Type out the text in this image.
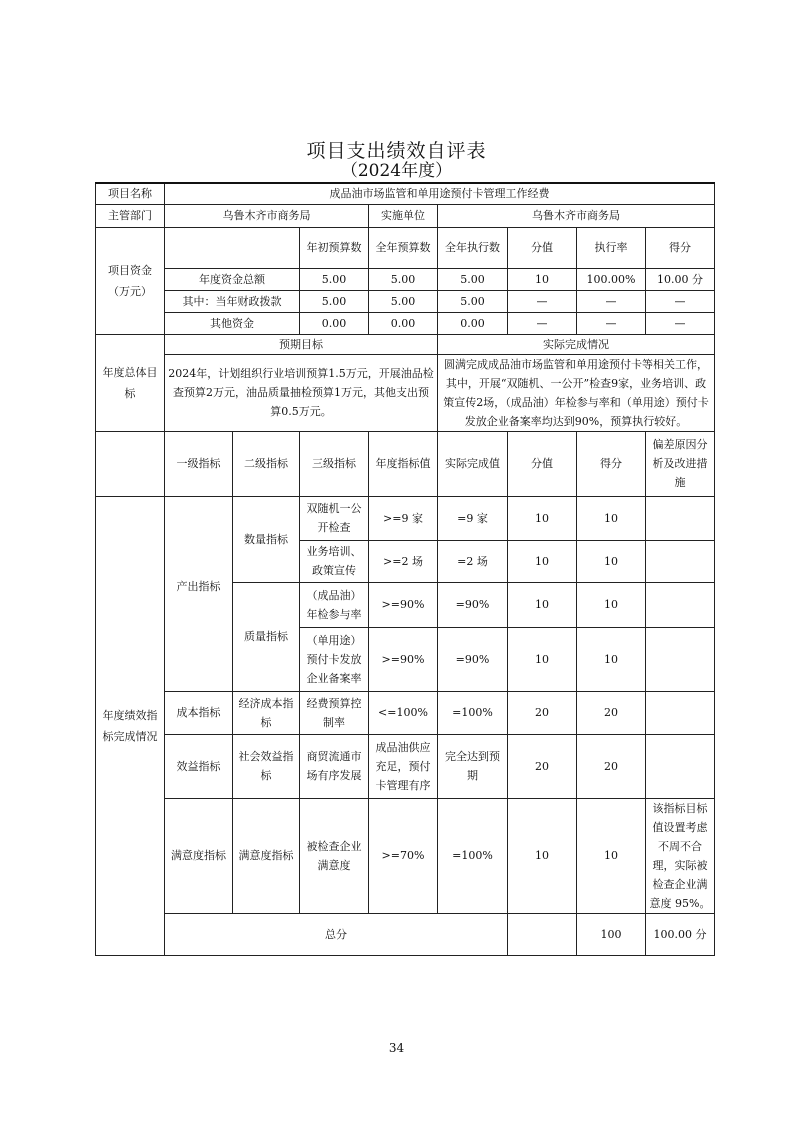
项目支出绩效自评表
（2024年度）
项目名称	成品油市场监管和单用途预付卡管理工作经费								
主管部门	乌鲁木齐市商务局			实施单位	乌鲁木齐市商务局				
项目资金（万元）			年初预算数	全年预算数	全年执行数	分值	执行率	得分	
	年度资金总额		5.00	5.00	5.00	10	100.00%	10.00 分	
	其中：当年财政拨款		5.00	5.00	5.00	—	—	—	
	其他资金		0.00	0.00	0.00	—	—	—	
年度总体目标	预期目标				实际完成情况				
	2024年，计划组织行业培训预算1.5万元，开展油品检查预算2万元，油品质量抽检预算1万元，其他支出预算0.5万元。				圆满完成成品油市场监管和单用途预付卡等相关工作，其中，开展“双随机、一公开”检查9家，业务培训、政策宣传2场，（成品油）年检参与率和（单用途）预付卡发放企业备案率均达到90%，预算执行较好。				
	一级指标	二级指标	三级指标	年度指标值	实际完成值	分值	得分	偏差原因分析及改进措施	
年度绩效指标完成情况	产出指标	数量指标	双随机一公开检查	>=9 家	=9 家	10	10		
			业务培训、政策宣传	>=2 场	=2 场	10	10		
		质量指标	（成品油）年检参与率	>=90%	=90%	10	10		
			（单用途）预付卡发放企业备案率	>=90%	=90%	10	10		
	成本指标	经济成本指标	经费预算控制率	<=100%	=100%	20	20		
	效益指标	社会效益指标	商贸流通市场有序发展	成品油供应充足，预付卡管理有序	完全达到预期	20	20		
	满意度指标	满意度指标	被检查企业满意度	>=70%	=100%	10	10	该指标目标值设置考虑不周不合理，实际被检查企业满意度 95%。	
	总分						100	100.00 分	
34
